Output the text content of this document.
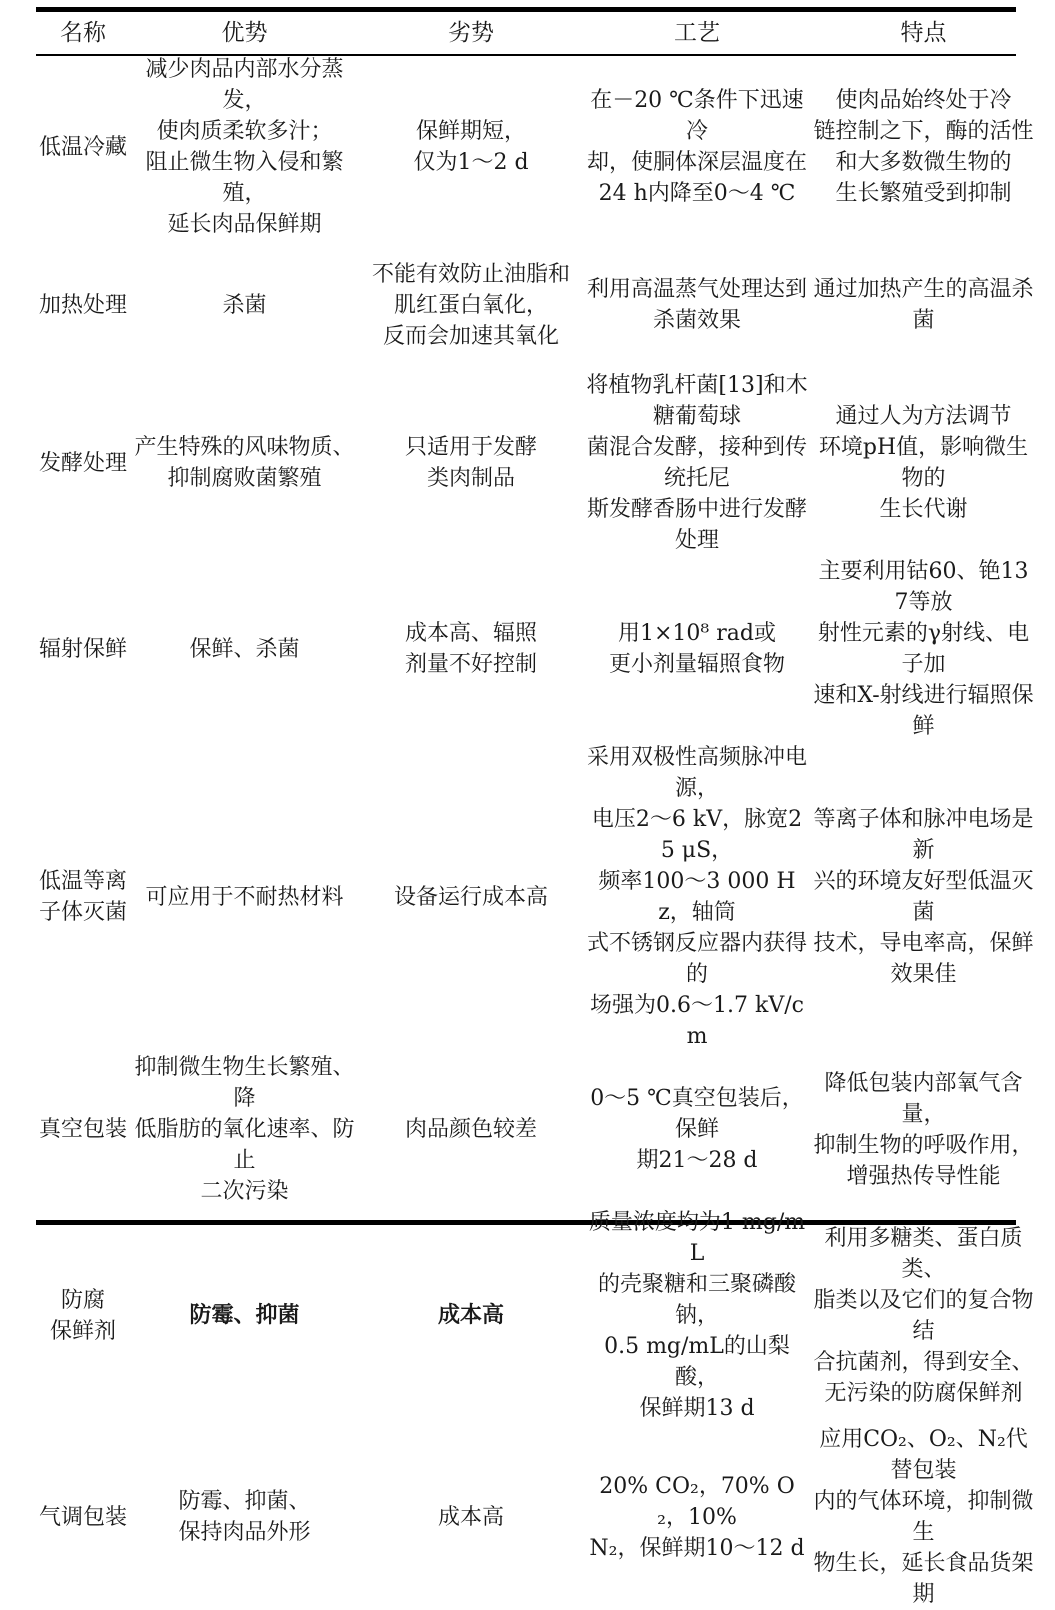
名称	优势	劣势	工艺	特点
低温冷藏	减少肉品内部水分蒸发，
使肉质柔软多汁；
阻止微生物入侵和繁殖，
延长肉品保鲜期	保鲜期短，
仅为1～2 d	在－20 ℃条件下迅速冷
却，使胴体深层温度在
24 h内降至0～4 ℃	使肉品始终处于冷
链控制之下，酶的活性
和大多数微生物的
生长繁殖受到抑制
加热处理	杀菌	不能有效防止油脂和
肌红蛋白氧化，
反而会加速其氧化	利用高温蒸气处理达到
杀菌效果	通过加热产生的高温杀菌
发酵处理	产生特殊的风味物质、
抑制腐败菌繁殖	只适用于发酵
类肉制品	将植物乳杆菌[13]和木糖葡萄球
菌混合发酵，接种到传统托尼
斯发酵香肠中进行发酵处理	通过人为方法调节
环境pH值，影响微生物的
生长代谢
辐射保鲜	保鲜、杀菌	成本高、辐照
剂量不好控制	用1×10⁸ rad或
更小剂量辐照食物	主要利用钴60、铯137等放
射性元素的γ射线、电子加
速和X-射线进行辐照保鲜
低温等离
子体灭菌	可应用于不耐热材料	设备运行成本高	采用双极性高频脉冲电源，
电压2～6 kV，脉宽25 μS，
频率100～3 000 Hz，轴筒
式不锈钢反应器内获得的
场强为0.6～1.7 kV/cm	等离子体和脉冲电场是新
兴的环境友好型低温灭菌
技术，导电率高，保鲜
效果佳
真空包装	抑制微生物生长繁殖、降
低脂肪的氧化速率、防止
二次污染	肉品颜色较差	0～5 ℃真空包装后，保鲜
期21～28 d	降低包装内部氧气含量，
抑制生物的呼吸作用，
增强热传导性能
防腐
保鲜剂	防霉、抑菌	成本高	质量浓度均为1 mg/mL
的壳聚糖和三聚磷酸钠，
0.5 mg/mL的山梨酸，
保鲜期13 d	利用多糖类、蛋白质类、
脂类以及它们的复合物结
合抗菌剂，得到安全、
无污染的防腐保鲜剂
气调包装	防霉、抑菌、
保持肉品外形	成本高	20% CO₂，70% O₂，10%
N₂，保鲜期10～12 d	应用CO₂、O₂、N₂代替包装
内的气体环境，抑制微生
物生长，延长食品货架期
